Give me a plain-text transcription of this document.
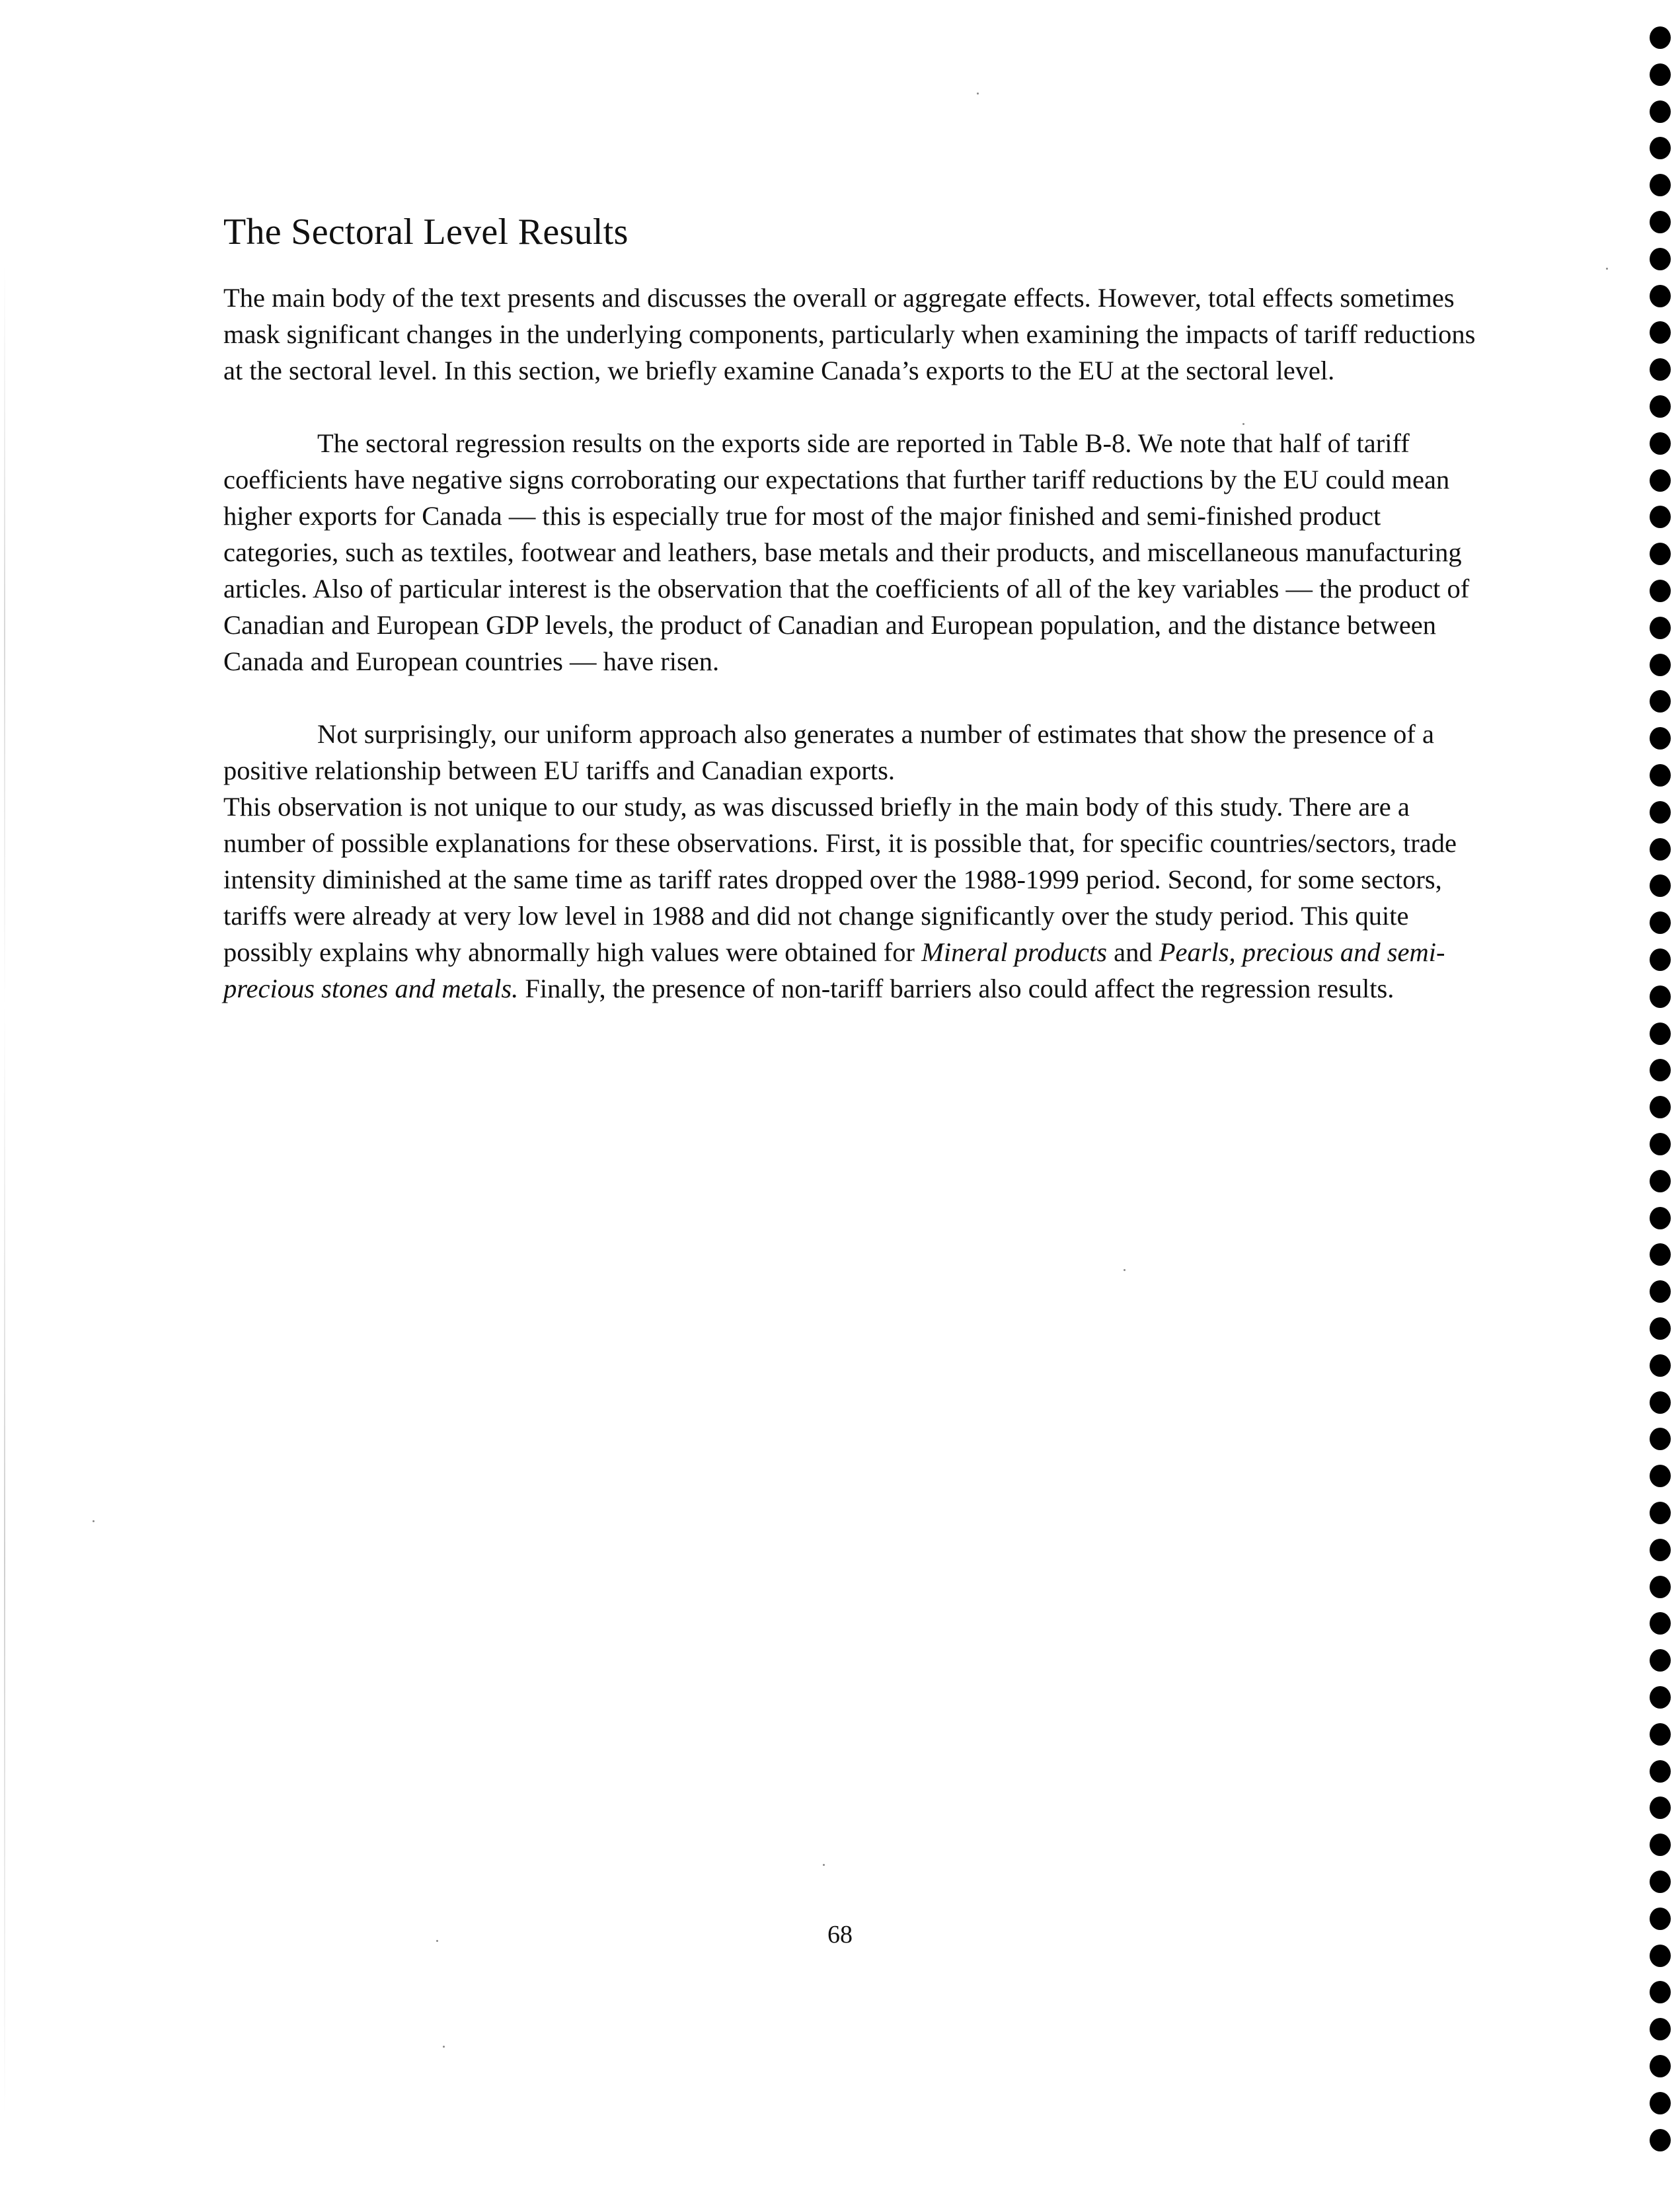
The Sectoral Level Results

The main body of the text presents and discusses the overall or aggregate effects. However, total effects sometimes mask significant changes in the underlying components, particularly when examining the impacts of tariff reductions at the sectoral level. In this section, we briefly examine Canada’s exports to the EU at the sectoral level.

The sectoral regression results on the exports side are reported in Table B-8. We note that half of tariff coefficients have negative signs corroborating our expectations that further tariff reductions by the EU could mean higher exports for Canada — this is especially true for most of the major finished and semi-finished product categories, such as textiles, footwear and leathers, base metals and their products, and miscellaneous manufacturing articles. Also of particular interest is the observation that the coefficients of all of the key variables — the product of Canadian and European GDP levels, the product of Canadian and European population, and the distance between Canada and European countries — have risen.

Not surprisingly, our uniform approach also generates a number of estimates that show the presence of a positive relationship between EU tariffs and Canadian exports.

This observation is not unique to our study, as was discussed briefly in the main body of this study. There are a number of possible explanations for these observations. First, it is possible that, for specific countries/sectors, trade intensity diminished at the same time as tariff rates dropped over the 1988-1999 period. Second, for some sectors, tariffs were already at very low level in 1988 and did not change significantly over the study period. This quite possibly explains why abnormally high values were obtained for Mineral products and Pearls, precious and semi-precious stones and metals. Finally, the presence of non-tariff barriers also could affect the regression results.

68
